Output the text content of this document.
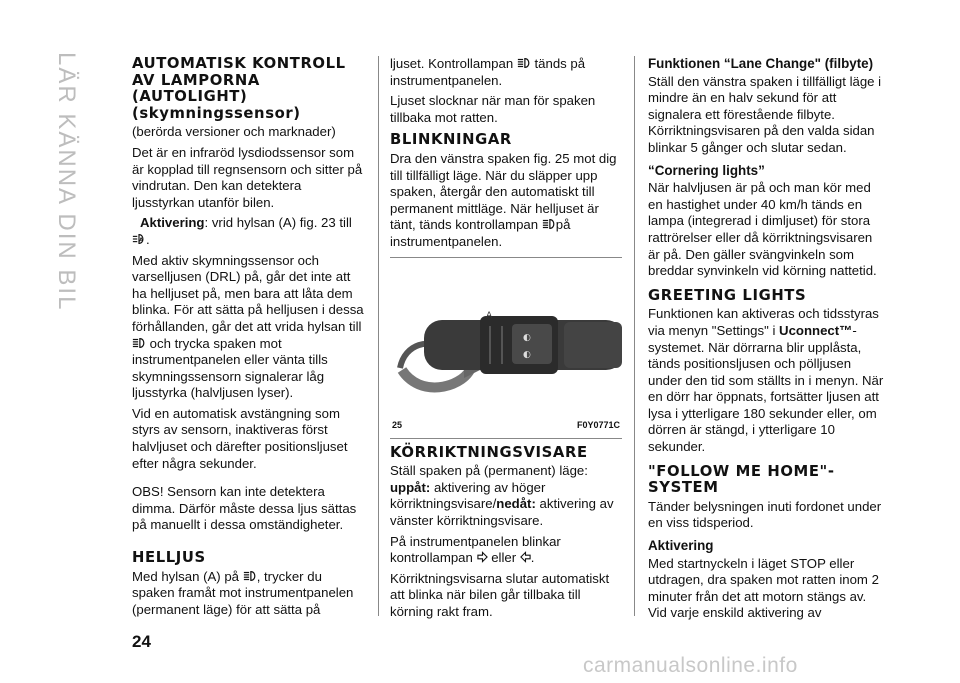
LÄR KÄNNA DIN BIL	AUTOMATISK KONTROLL AV LAMPORNA (AUTOLIGHT) (skymningssensor)

(berörda versioner och marknader)

Det är en infraröd lysdiodssensor som är kopplad till regnsensorn och sitter på vindrutan. Den kan detektera ljusstyrkan utanför bilen.

Aktivering: vrid hylsan (A) fig. 23 till
.

Med aktiv skymningssensor och varselljusen (DRL) på, går det inte att ha helljuset på, men bara att låta dem blinka. För att sätta på helljusen i dessa förhållanden, går det att vrida hylsan till  och trycka spaken mot instrumentpanelen eller vänta tills skymningssensorn signalerar låg ljusstyrka (halvljusen lyser).

Vid en automatisk avstängning som styrs av sensorn, inaktiveras först halvljuset och därefter positionsljuset efter några sekunder.

OBS! Sensorn kan inte detektera dimma. Därför måste dessa ljus sättas på manuellt i dessa omständigheter.

HELLJUS

Med hylsan (A) på , trycker du spaken framåt mot instrumentpanelen (permanent läge) för att sätta på

ljuset. Kontrollampan tänds på instrumentpanelen.

Ljuset slocknar när man för spaken tillbaka mot ratten.

BLINKNINGAR

Dra den vänstra spaken fig. 25 mot dig till tillfälligt läge. När du släpper upp spaken, återgår den automatiskt till permanent mittläge. När helljuset är tänt, tänds kontrollampan på instrumentpanelen.

◐
◐
A
25	F0Y0771C
KÖRRIKTNINGSVISARE

Ställ spaken på (permanent) läge: uppåt: aktivering av höger körriktningsvisare/nedåt: aktivering av vänster körriktningsvisare.

På instrumentpanelen blinkar kontrollampan eller .

Körriktningsvisarna slutar automatiskt att blinka när bilen går tillbaka till körning rakt fram.

Funktionen “Lane Change" (filbyte)

Ställ den vänstra spaken i tillfälligt läge i mindre än en halv sekund för att signalera ett förestående filbyte. Körriktningsvisaren på den valda sidan blinkar 5 gånger och slutar sedan.

“Cornering lights”

När halvljusen är på och man kör med en hastighet under 40 km/h tänds en lampa (integrerad i dimljuset) för stora rattrörelser eller då körriktningsvisaren är på. Den gäller svängvinkeln som breddar synvinkeln vid körning nattetid.

GREETING LIGHTS

Funktionen kan aktiveras och tidsstyras via menyn "Settings" i Uconnect™-systemet. När dörrarna blir upplåsta, tänds positionsljusen och pölljusen under den tid som ställts in i menyn. När en dörr har öppnats, fortsätter ljusen att lysa i ytterligare 180 sekunder eller, om dörren är stängd, i ytterligare 10 sekunder.

"FOLLOW ME HOME"-SYSTEM

Tänder belysningen inuti fordonet under en viss tidsperiod.

Aktivering

Med startnyckeln i läget STOP eller utdragen, dra spaken mot ratten inom 2 minuter från det att motorn stängs av. Vid varje enskild aktivering av

24
carmanualsonline.info
